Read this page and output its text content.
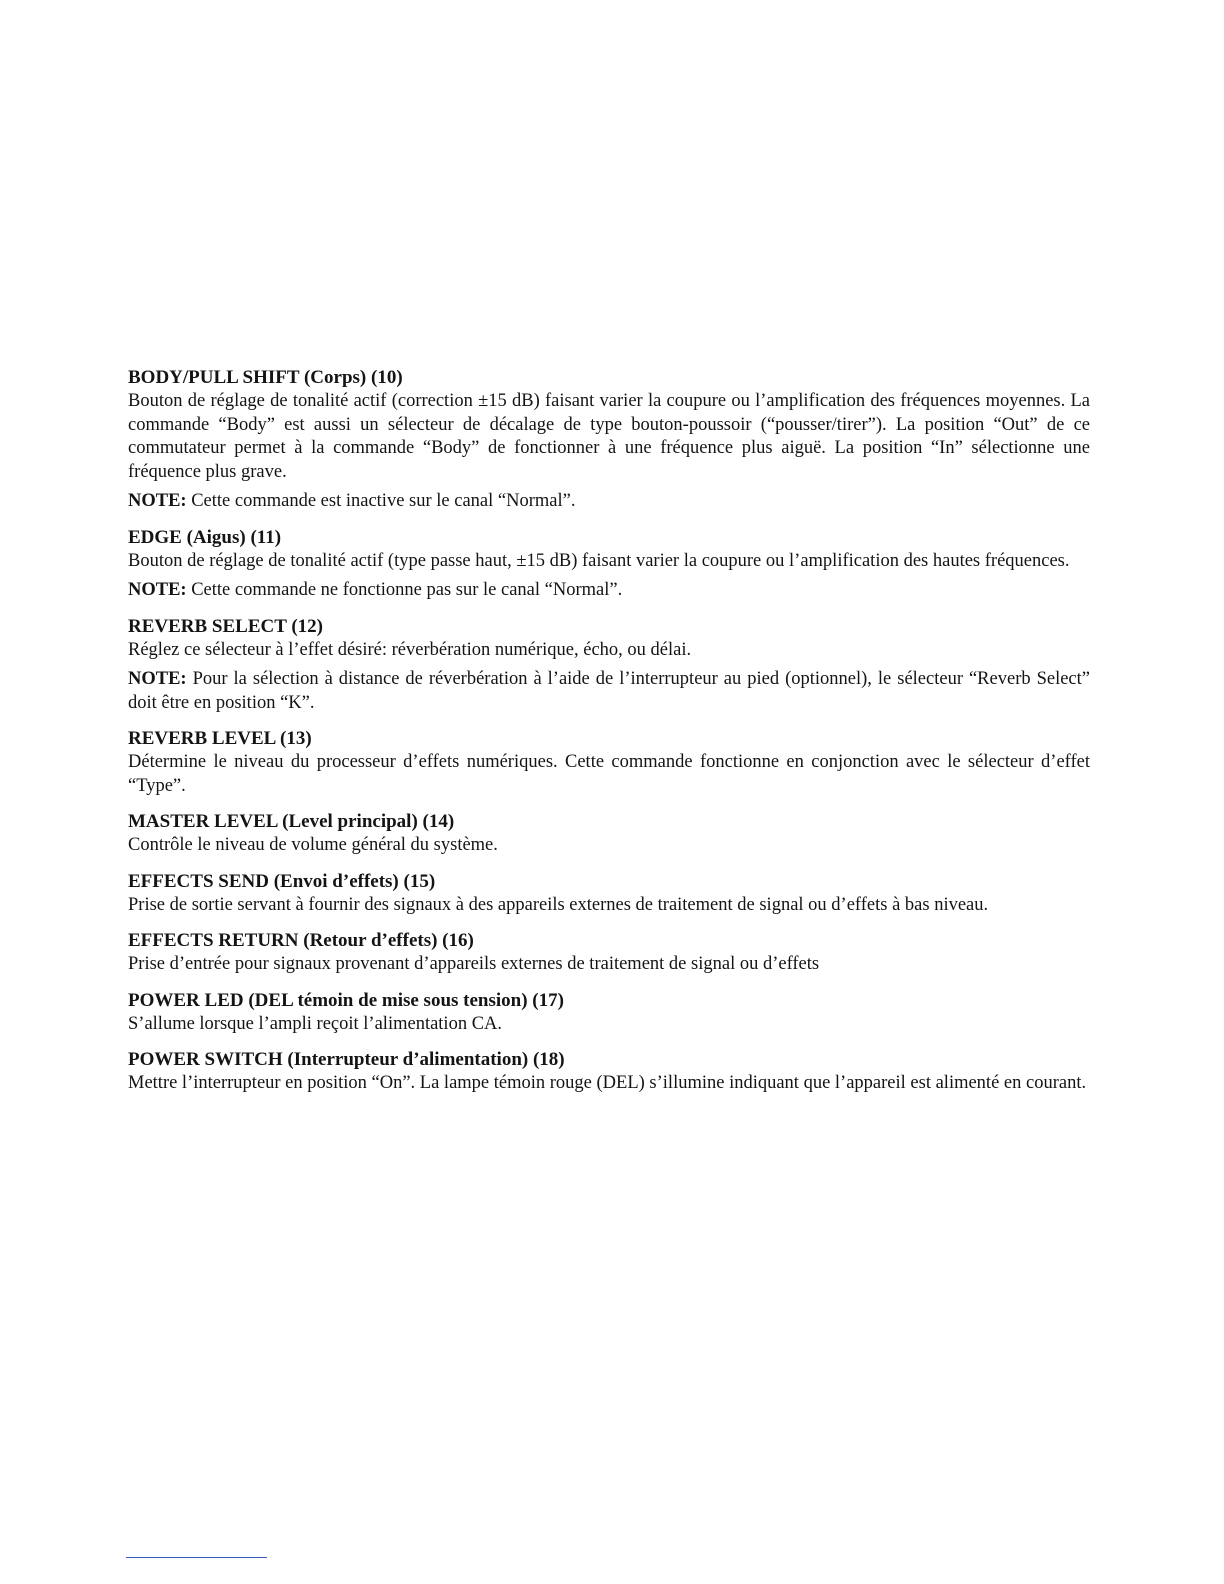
BODY/PULL SHIFT (Corps) (10)

Bouton de réglage de tonalité actif (correction ±15 dB) faisant varier la coupure ou l’amplification des fréquences moyennes. La commande “Body” est aussi un sélecteur de décalage de type bouton-poussoir (“pousser/tirer”). La position “Out” de ce commutateur permet à la commande “Body” de fonctionner à une fréquence plus aiguë. La position “In” sélectionne une fréquence plus grave.

NOTE: Cette commande est inactive sur le canal “Normal”.

EDGE (Aigus) (11)

Bouton de réglage de tonalité actif (type passe haut, ±15 dB) faisant varier la coupure ou l’amplification des hautes fréquences.

NOTE: Cette commande ne fonctionne pas sur le canal “Normal”.

REVERB SELECT (12)

Réglez ce sélecteur à l’effet désiré: réverbération numérique, écho, ou délai.

NOTE: Pour la sélection à distance de réverbération à l’aide de l’interrupteur au pied (optionnel), le sélecteur “Reverb Select” doit être en position “K”.

REVERB LEVEL (13)

Détermine le niveau du processeur d’effets numériques. Cette commande fonctionne en conjonction avec le sélecteur d’effet “Type”.

MASTER LEVEL (Level principal) (14)

Contrôle le niveau de volume général du système.

EFFECTS SEND (Envoi d’effets) (15)

Prise de sortie servant à fournir des signaux à des appareils externes de traitement de signal ou d’effets à bas niveau.

EFFECTS RETURN (Retour d’effets) (16)

Prise d’entrée pour signaux provenant d’appareils externes de traitement de signal ou d’effets

POWER LED (DEL témoin de mise sous tension) (17)

S’allume lorsque l’ampli reçoit l’alimentation CA.

POWER SWITCH (Interrupteur d’alimentation) (18)

Mettre l’interrupteur en position “On”. La lampe témoin rouge (DEL) s’illumine indiquant que l’appareil est alimenté en courant.
